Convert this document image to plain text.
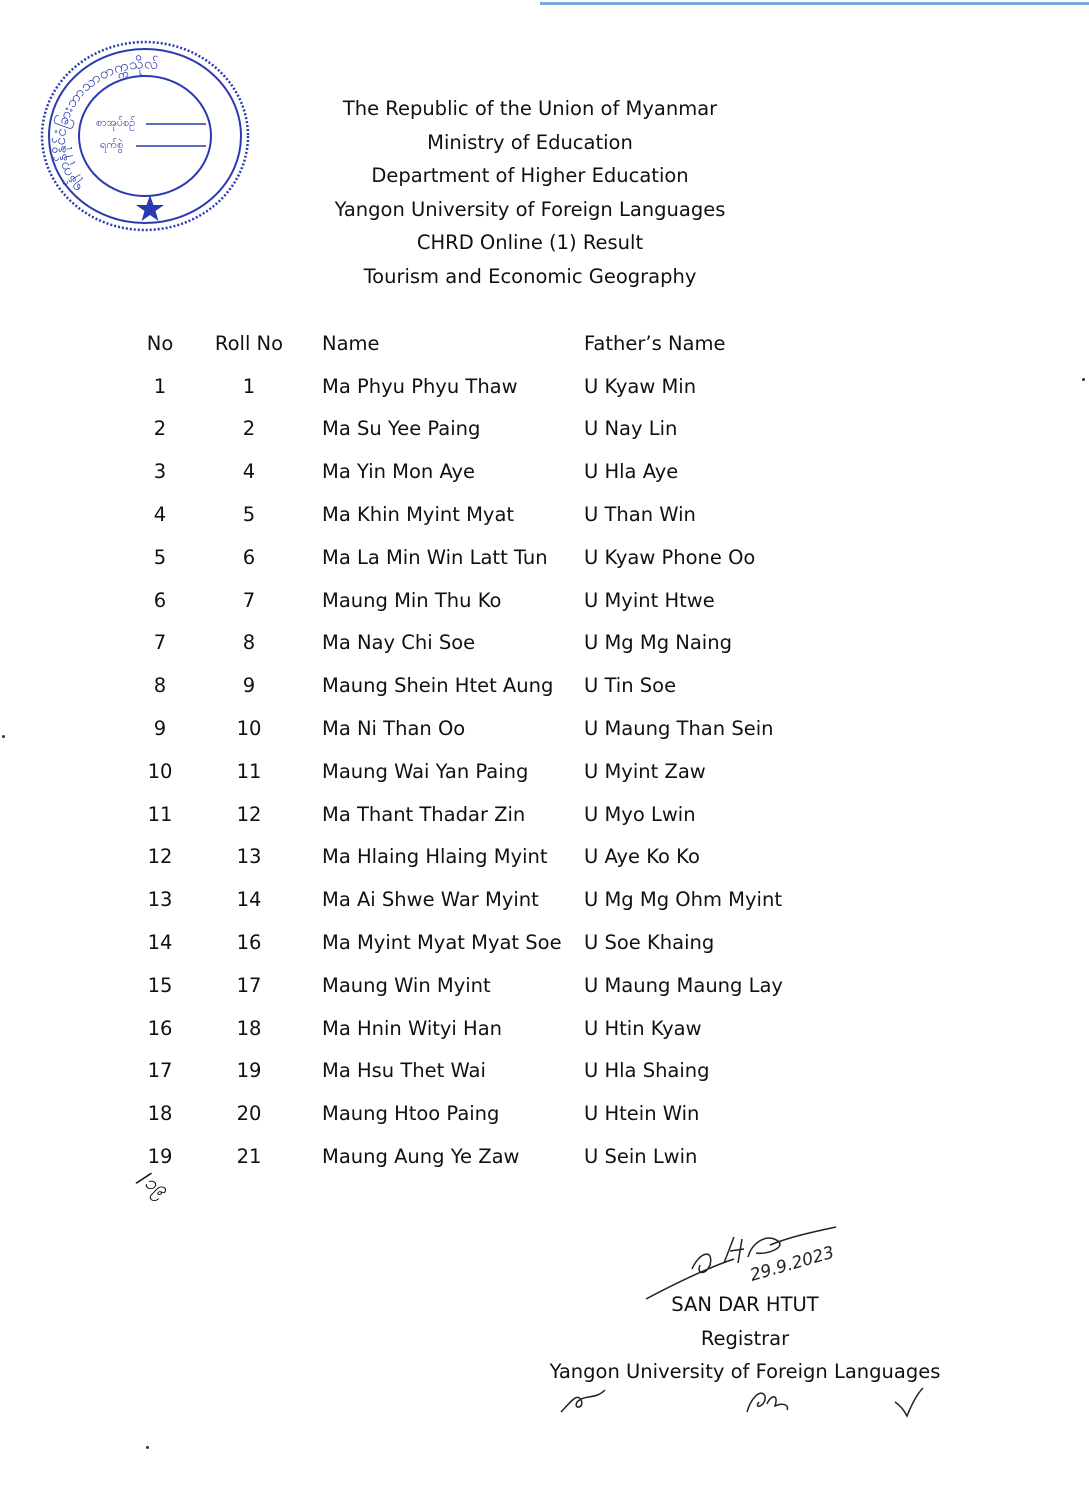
ရန်ကုန်နိုင်ငံခြားဘာသာတက္ကသိုလ်
စာအုပ်စဉ်
ရက်စွဲ
The Republic of the Union of Myanmar
Ministry of Education
Department of Higher Education
Yangon University of Foreign Languages
CHRD Online (1) Result
Tourism and Economic Geography
No	Roll No	Name	Father’s Name
1	1	Ma Phyu Phyu Thaw	U Kyaw Min
2	2	Ma Su Yee Paing	U Nay Lin
3	4	Ma Yin Mon Aye	U Hla Aye
4	5	Ma Khin Myint Myat	U Than Win
5	6	Ma La Min Win Latt Tun	U Kyaw Phone Oo
6	7	Maung Min Thu Ko	U Myint Htwe
7	8	Ma Nay Chi Soe	U Mg Mg Naing
8	9	Maung Shein Htet Aung	U Tin Soe
9	10	Ma Ni Than Oo	U Maung Than Sein
10	11	Maung Wai Yan Paing	U Myint Zaw
11	12	Ma Thant Thadar Zin	U Myo Lwin
12	13	Ma Hlaing Hlaing Myint	U Aye Ko Ko
13	14	Ma Ai Shwe War Myint	U Mg Mg Ohm Myint
14	16	Ma Myint Myat Myat Soe	U Soe Khaing
15	17	Maung Win Myint	U Maung Maung Lay
16	18	Ma Hnin Wityi Han	U Htin Kyaw
17	19	Ma Hsu Thet Wai	U Hla Shaing
18	20	Maung Htoo Paing	U Htein Win
19	21	Maung Aung Ye Zaw	U Sein Lwin
/၁၉
29.9.2023
SAN DAR HTUT
Registrar
Yangon University of Foreign Languages
